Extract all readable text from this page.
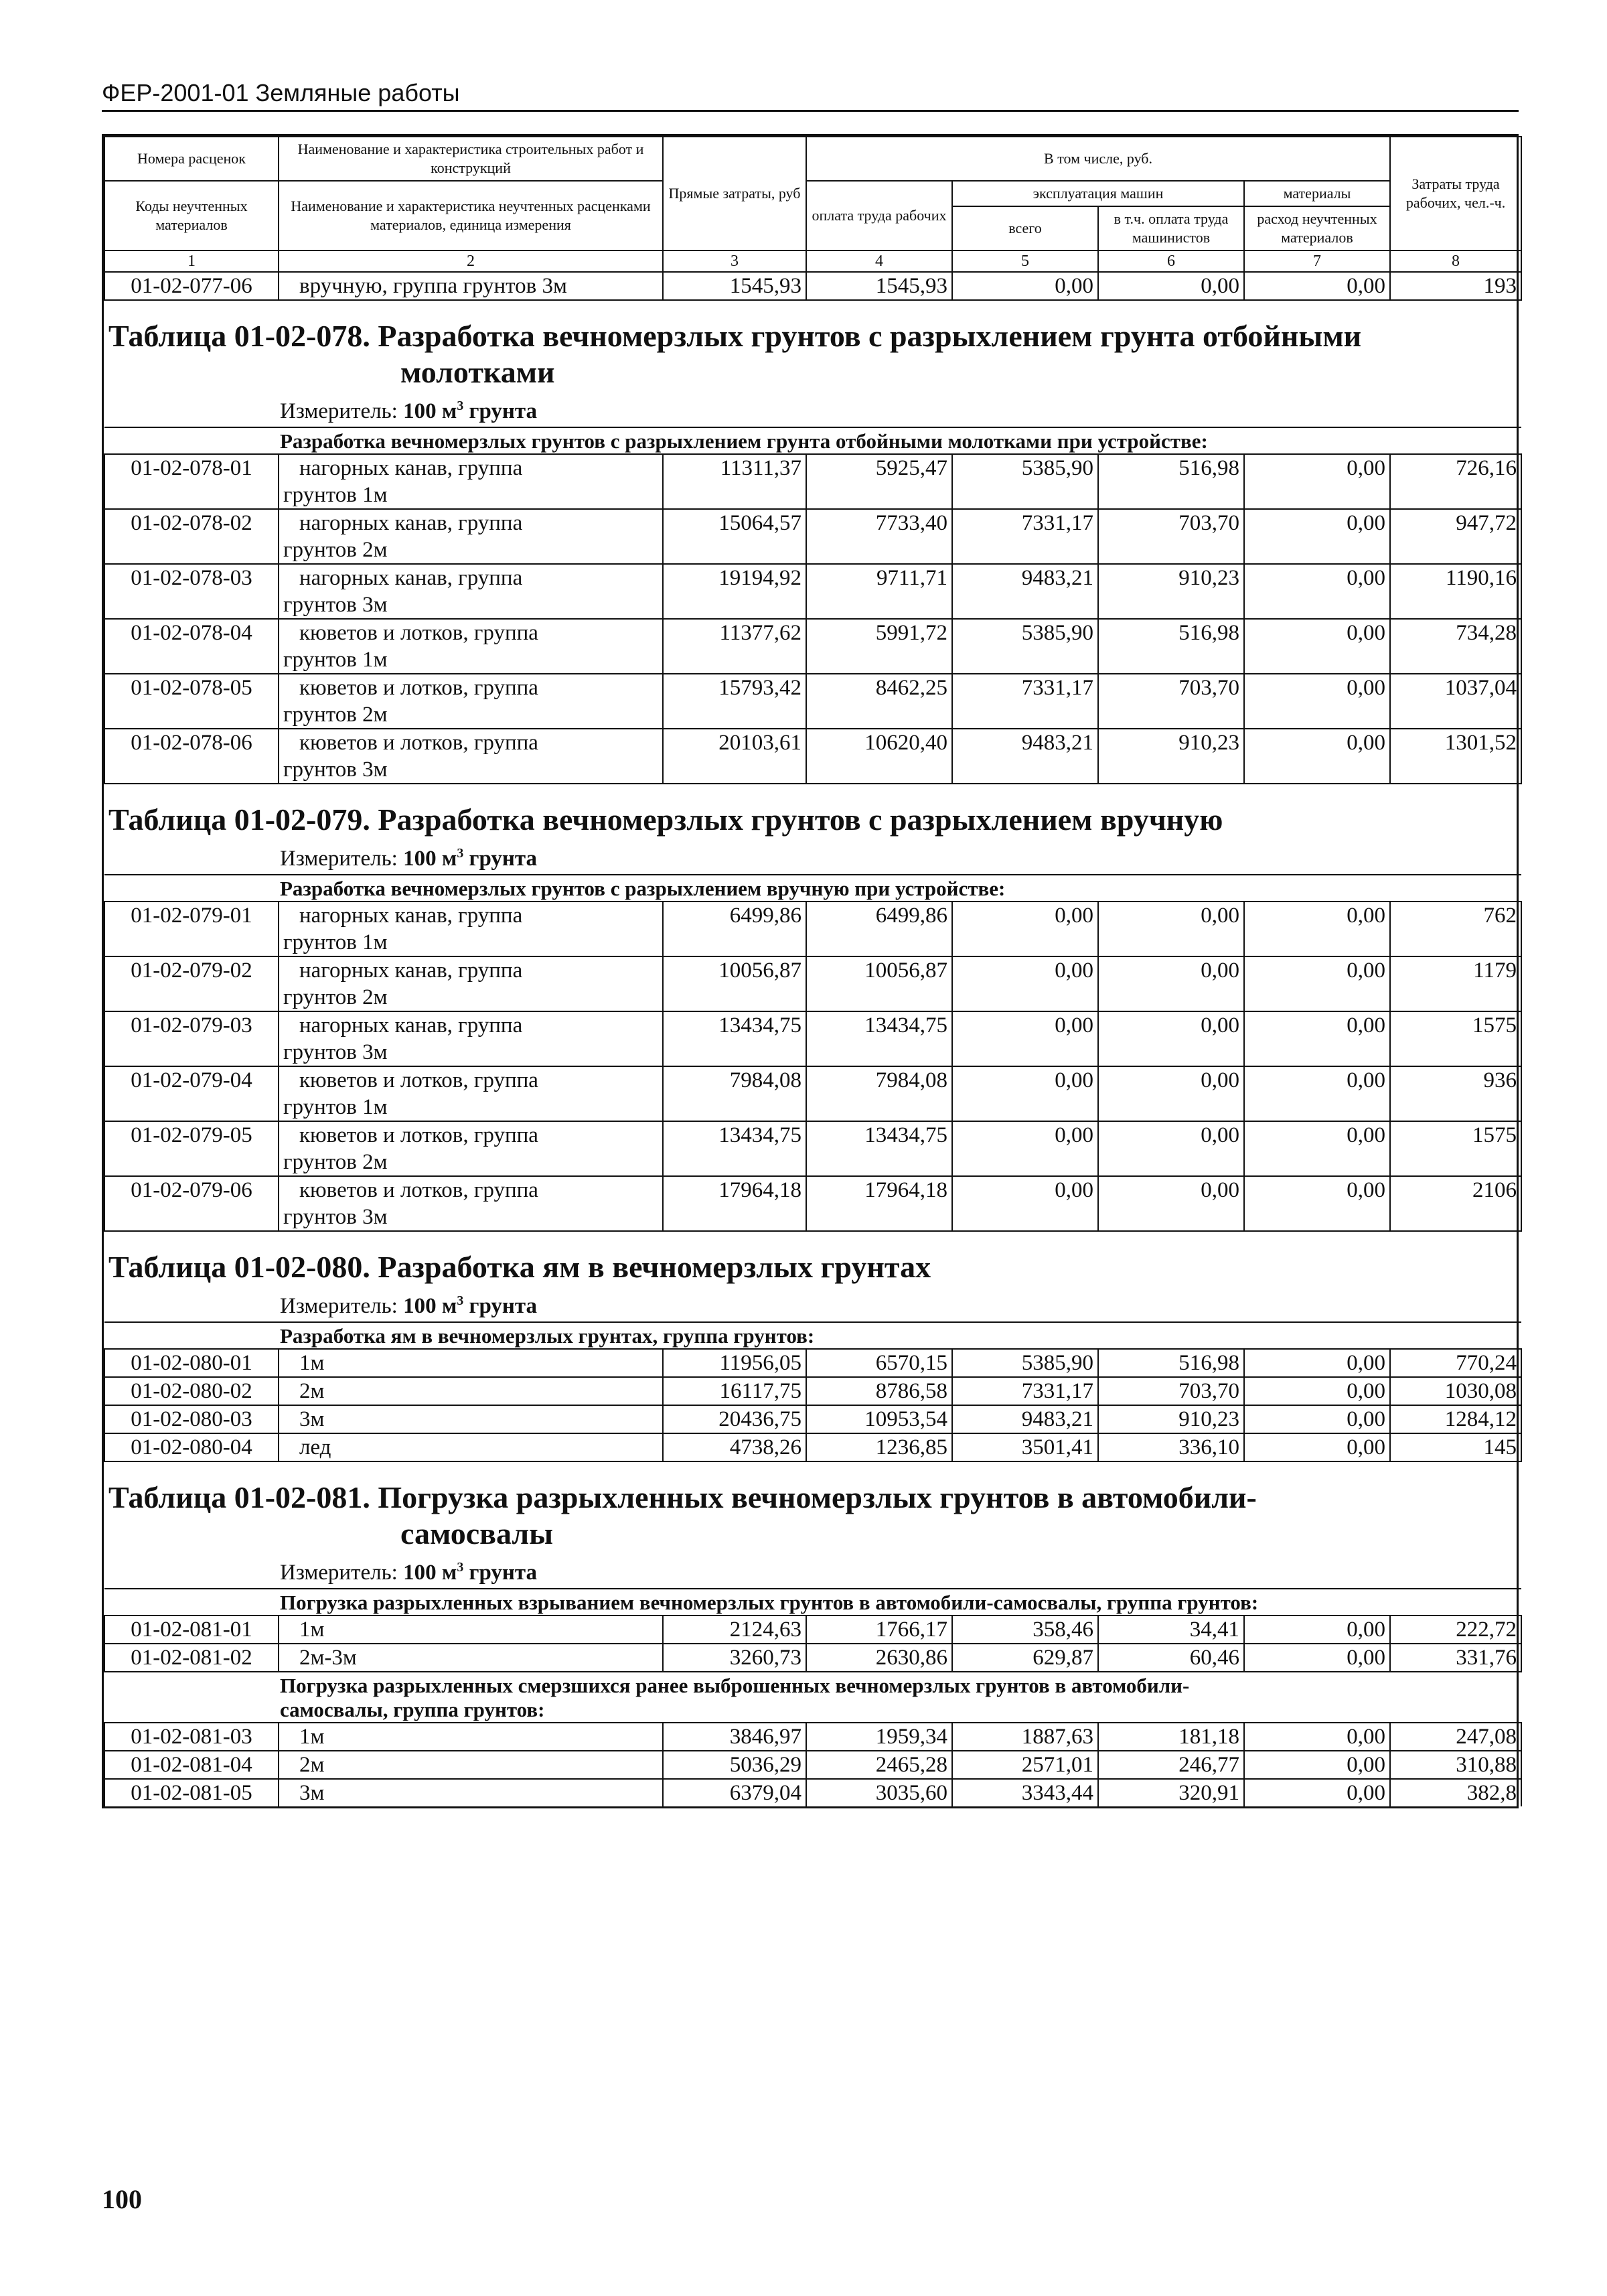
ФЕР-2001-01 Земляные работы
Номера расценок	Наименование и характеристика строительных работ и конструкций	Прямые затраты, руб	В том числе, руб.				Затраты труда рабочих, чел.-ч.
Коды неучтенных материалов	Наименование и характеристика неучтенных расценками материалов, единица измерения		оплата труда рабочих	эксплуатация машин		материалы	
				всего	в т.ч. оплата труда машинистов	расход неучтенных материалов	
1	2	3	4	5	6	7	8
01-02-077-06	вручную, группа грунтов 3м	1545,93	1545,93	0,00	0,00	0,00	193
Таблица 01-02-078. Разработка вечномерзлых грунтов с разрыхлением грунта отбойными
молотками							

Измеритель: 100 $м^3$ грунта							
Разработка вечномерзлых грунтов с разрыхлением грунта отбойными молотками при устройстве:							
01-02-078-01	нагорных канав, группа
грунтов 1м	11311,37	5925,47	5385,90	516,98	0,00	726,16
01-02-078-02	нагорных канав, группа
грунтов 2м	15064,57	7733,40	7331,17	703,70	0,00	947,72
01-02-078-03	нагорных канав, группа
грунтов 3м	19194,92	9711,71	9483,21	910,23	0,00	1190,16
01-02-078-04	кюветов и лотков, группа
грунтов 1м	11377,62	5991,72	5385,90	516,98	0,00	734,28
01-02-078-05	кюветов и лотков, группа
грунтов 2м	15793,42	8462,25	7331,17	703,70	0,00	1037,04
01-02-078-06	кюветов и лотков, группа
грунтов 3м	20103,61	10620,40	9483,21	910,23	0,00	1301,52
Таблица 01-02-079. Разработка вечномерзлых грунтов с разрыхлением вручную							
Измеритель: 100 $м^3$ грунта							
Разработка вечномерзлых грунтов с разрыхлением вручную при устройстве:							
01-02-079-01	нагорных канав, группа
грунтов 1м	6499,86	6499,86	0,00	0,00	0,00	762
01-02-079-02	нагорных канав, группа
грунтов 2м	10056,87	10056,87	0,00	0,00	0,00	1179
01-02-079-03	нагорных канав, группа
грунтов 3м	13434,75	13434,75	0,00	0,00	0,00	1575
01-02-079-04	кюветов и лотков, группа
грунтов 1м	7984,08	7984,08	0,00	0,00	0,00	936
01-02-079-05	кюветов и лотков, группа
грунтов 2м	13434,75	13434,75	0,00	0,00	0,00	1575
01-02-079-06	кюветов и лотков, группа
грунтов 3м	17964,18	17964,18	0,00	0,00	0,00	2106
Таблица 01-02-080. Разработка ям в вечномерзлых грунтах							
Измеритель: 100 $м^3$ грунта							
Разработка ям в вечномерзлых грунтах, группа грунтов:							
01-02-080-01	1м	11956,05	6570,15	5385,90	516,98	0,00	770,24
01-02-080-02	2м	16117,75	8786,58	7331,17	703,70	0,00	1030,08
01-02-080-03	3м	20436,75	10953,54	9483,21	910,23	0,00	1284,12
01-02-080-04	лед	4738,26	1236,85	3501,41	336,10	0,00	145
Таблица 01-02-081. Погрузка разрыхленных вечномерзлых грунтов в автомобили-
самосвалы							

Измеритель: 100 $м^3$ грунта							
Погрузка разрыхленных взрыванием вечномерзлых грунтов в автомобили-самосвалы, группа грунтов:							
01-02-081-01	1м	2124,63	1766,17	358,46	34,41	0,00	222,72
01-02-081-02	2м-3м	3260,73	2630,86	629,87	60,46	0,00	331,76
Погрузка разрыхленных смерзшихся ранее выброшенных вечномерзлых грунтов в автомобили-
самосвалы, группа грунтов:							
01-02-081-03	1м	3846,97	1959,34	1887,63	181,18	0,00	247,08
01-02-081-04	2м	5036,29	2465,28	2571,01	246,77	0,00	310,88
01-02-081-05	3м	6379,04	3035,60	3343,44	320,91	0,00	382,8
100
